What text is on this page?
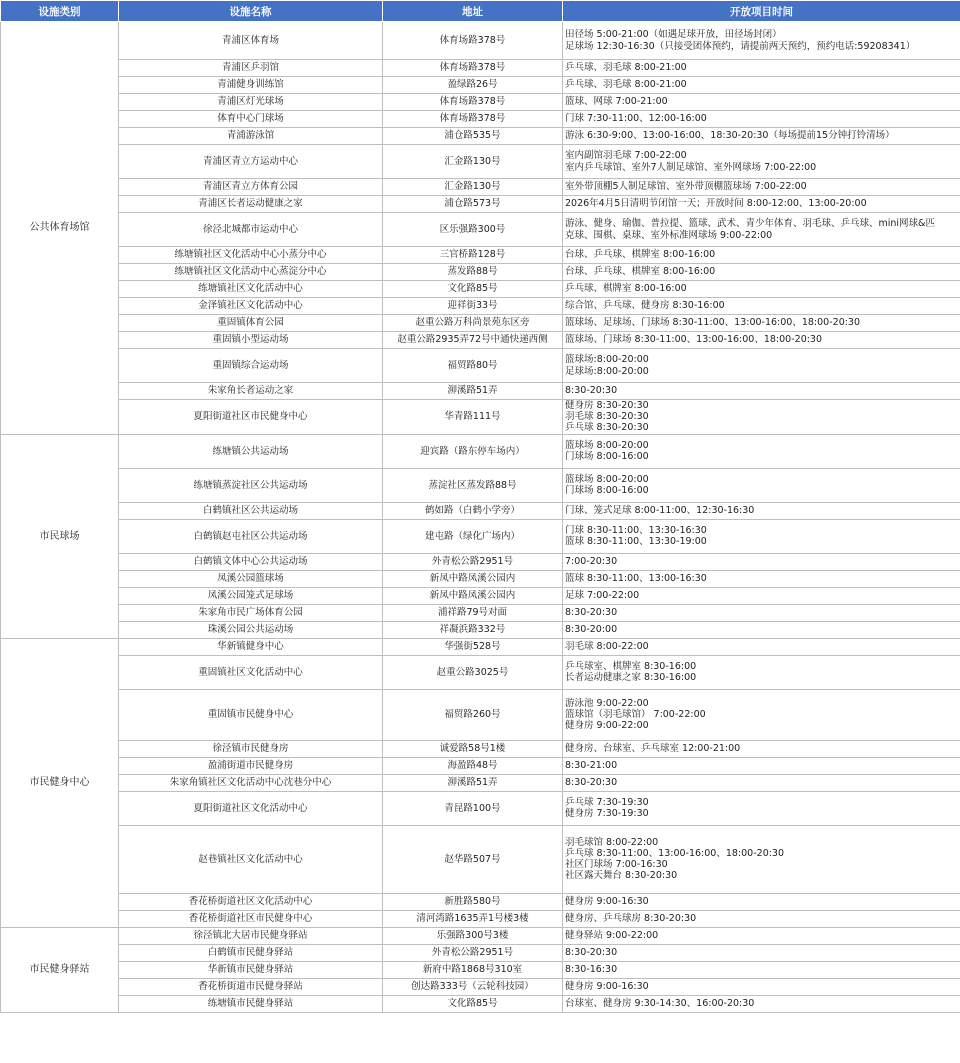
设施类别	设施名称	地址	开放项目时间
公共体育场馆	青浦区体育场	体育场路378号	田径场 5:00-21:00（如遇足球开放，田径场封闭）
足球场 12:30-16:30（只接受团体预约，请提前两天预约，预约电话:59208341）

	青浦区乒羽馆	体育场路378号	乒乓球、羽毛球 8:00-21:00

	青浦健身训练馆	盈绿路26号	乒乓球、羽毛球 8:00-21:00

	青浦区灯光球场	体育场路378号	篮球、网球 7:00-21:00

	体育中心门球场	体育场路378号	门球 7:30-11:00、12:00-16:00

	青浦游泳馆	浦仓路535号	游泳 6:30-9:00、13:00-16:00、18:30-20:30（每场提前15分钟打铃清场）

	青浦区青立方运动中心	汇金路130号	室内副馆羽毛球 7:00-22:00
室内乒乓球馆、室外7人制足球馆、室外网球场 7:00-22:00

	青浦区青立方体育公园	汇金路130号	室外带顶棚5人制足球馆、室外带顶棚篮球场 7:00-22:00

	青浦区长者运动健康之家	浦仓路573号	2026年4月5日清明节闭馆一天；开放时间 8:00-12:00、13:00-20:00

	徐泾北城都市运动中心	区乐强路300号	游泳、健身、瑜伽、普拉提、篮球、武术、青少年体育、羽毛球、乒乓球、mini网球&匹
克球、围棋、桌球、室外标准网球场 9:00-22:00

	练塘镇社区文化活动中心小蒸分中心	三官桥路128号	台球、乒乓球、棋牌室 8:00-16:00

	练塘镇社区文化活动中心蒸淀分中心	蒸发路88号	台球、乒乓球、棋牌室 8:00-16:00

	练塘镇社区文化活动中心	文化路85号	乒乓球、棋牌室 8:00-16:00

	金泽镇社区文化活动中心	迎祥街33号	综合馆、乒乓球、健身房 8:30-16:00

	重固镇体育公园	赵重公路万科尚景苑东区旁	篮球场、足球场、门球场 8:30-11:00、13:00-16:00、18:00-20:30

	重固镇小型运动场	赵重公路2935弄72号中通快递西侧	篮球场、门球场 8:30-11:00、13:00-16:00、18:00-20:30

	重固镇综合运动场	福贸路80号	篮球场:8:00-20:00
足球场:8:00-20:00

	朱家角长者运动之家	泖溪路51弄	8:30-20:30

	夏阳街道社区市民健身中心	华青路111号	健身房 8:30-20:30
羽毛球 8:30-20:30
乒乓球 8:30-20:30

市民球场	练塘镇公共运动场	迎宾路（路东停车场内）	篮球场 8:00-20:00
门球场 8:00-16:00

	练塘镇蒸淀社区公共运动场	蒸淀社区蒸发路88号	篮球场 8:00-20:00
门球场 8:00-16:00

	白鹤镇社区公共运动场	鹤如路（白鹤小学旁）	门球、笼式足球 8:00-11:00、12:30-16:30

	白鹤镇赵屯社区公共运动场	建屯路（绿化广场内）	门球 8:30-11:00、13:30-16:30
篮球 8:30-11:00、13:30-19:00

	白鹤镇文体中心公共运动场	外青松公路2951号	7:00-20:30

	凤溪公园篮球场	新凤中路凤溪公园内	篮球 8:30-11:00、13:00-16:30

	凤溪公园笼式足球场	新凤中路凤溪公园内	足球 7:00-22:00

	朱家角市民广场体育公园	浦祥路79号对面	8:30-20:30

	珠溪公园公共运动场	祥凝浜路332号	8:30-20:00

市民健身中心	华新镇健身中心	华强街528号	羽毛球 8:00-22:00

	重固镇社区文化活动中心	赵重公路3025号	乒乓球室、棋牌室 8:30-16:00
长者运动健康之家 8:30-16:00

	重固镇市民健身中心	福贸路260号	游泳池 9:00-22:00
篮球馆（羽毛球馆） 7:00-22:00
健身房 9:00-22:00

	徐泾镇市民健身房	诚爱路58号1楼	健身房、台球室、乒乓球室 12:00-21:00

	盈浦街道市民健身房	海盈路48号	8:30-21:00

	朱家角镇社区文化活动中心沈巷分中心	泖溪路51弄	8:30-20:30

	夏阳街道社区文化活动中心	青昆路100号	乒乓球 7:30-19:30
健身房 7:30-19:30

	赵巷镇社区文化活动中心	赵华路507号	羽毛球馆 8:00-22:00
乒乓球 8:30-11:00、13:00-16:00、18:00-20:30
社区门球场 7:00-16:30
社区露天舞台 8:30-20:30

	香花桥街道社区文化活动中心	新胜路580号	健身房 9:00-16:30

	香花桥街道社区市民健身中心	清河湾路1635弄1号楼3楼	健身房、乒乓球房 8:30-20:30

市民健身驿站	徐泾镇北大居市民健身驿站	乐强路300号3楼	健身驿站 9:00-22:00

	白鹤镇市民健身驿站	外青松公路2951号	8:30-20:30

	华新镇市民健身驿站	新府中路1868号310室	8:30-16:30

	香花桥街道市民健身驿站	创达路333号（云轮科技园）	健身房 9:00-16:30

	练塘镇市民健身驿站	文化路85号	台球室、健身房 9:30-14:30、16:00-20:30
